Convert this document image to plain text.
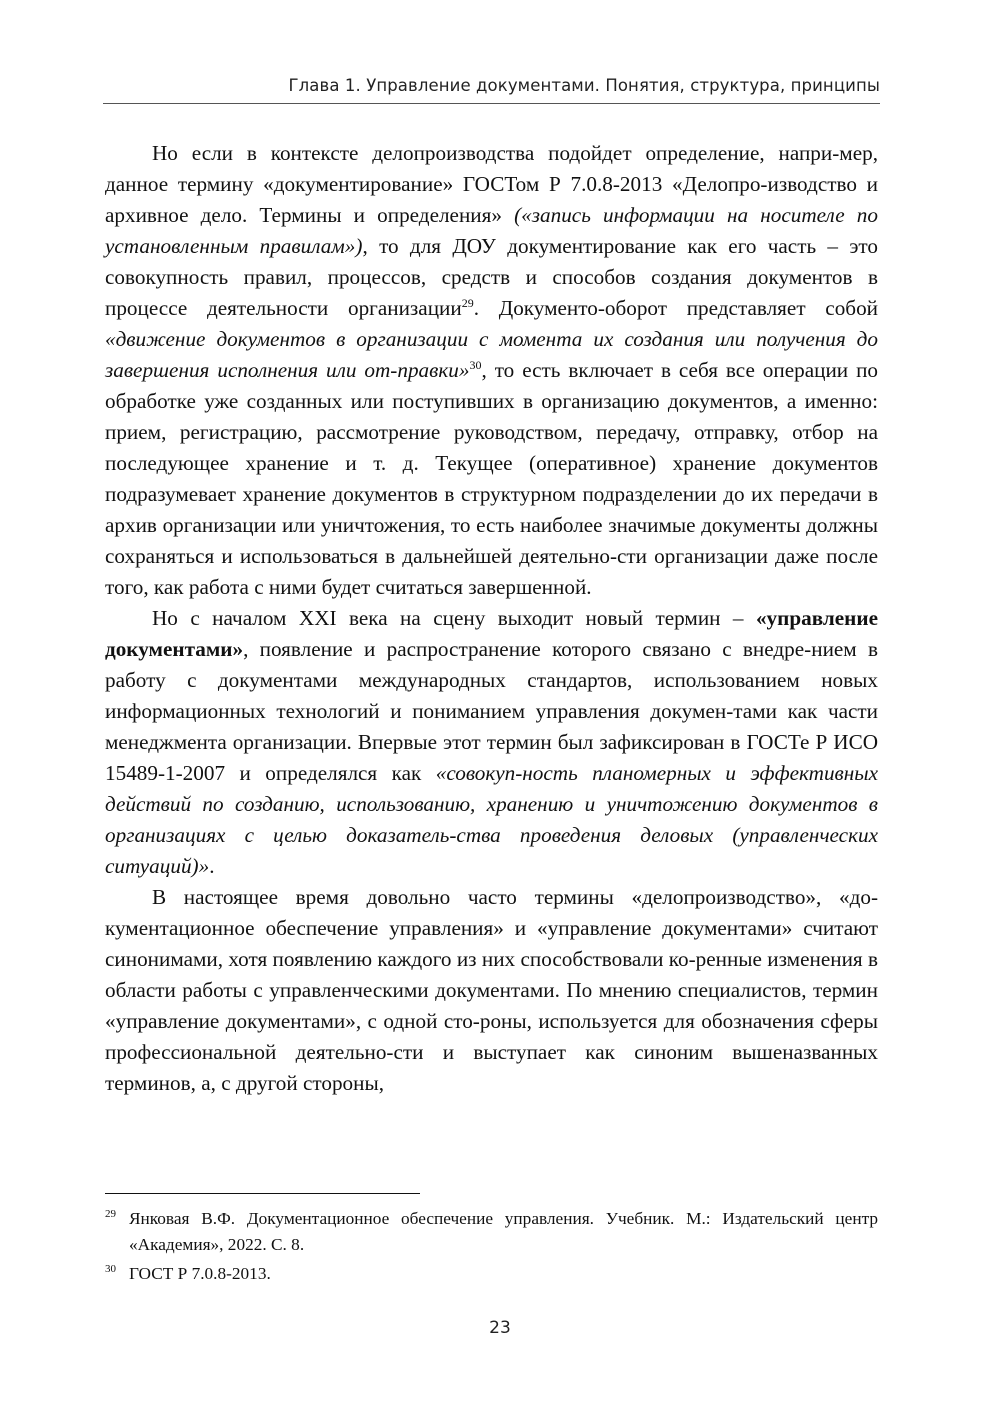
Глава 1. Управление документами. Понятия, структура, принципы

Но если в контексте делопроизводства подойдет определение, напри-мер, данное термину «документирование» ГОСТом Р 7.0.8-2013 «Делопро-изводство и архивное дело. Термины и определения» («запись информации на носителе по установленным правилам»), то для ДОУ документирование как его часть – это совокупность правил, процессов, средств и способов создания документов в процессе деятельности организации$^{29}$. Документо-оборот представляет собой «движение документов в организации с момента их создания или получения до завершения исполнения или от-правки»$^{30}$, то есть включает в себя все операции по обработке уже созданных или поступивших в организацию документов, а именно: прием, регистрацию, рассмотрение руководством, передачу, отправку, отбор на последующее хранение и т. д. Текущее (оперативное) хранение документов подразумевает хранение документов в структурном подразделении до их передачи в архив организации или уничтожения, то есть наиболее значимые документы должны сохраняться и использоваться в дальнейшей деятельно-сти организации даже после того, как работа с ними будет считаться завершенной.

Но с началом XXI века на сцену выходит новый термин – «управление документами», появление и распространение которого связано с внедре-нием в работу с документами международных стандартов, использованием новых информационных технологий и пониманием управления докумен-тами как части менеджмента организации. Впервые этот термин был зафиксирован в ГОСТе Р ИСО 15489-1-2007 и определялся как «совокуп-ность планомерных и эффективных действий по созданию, использованию, хранению и уничтожению документов в организациях с целью доказатель-ства проведения деловых (управленческих ситуаций)».

В настоящее время довольно часто термины «делопроизводство», «до-кументационное обеспечение управления» и «управление документами» считают синонимами, хотя появлению каждого из них способствовали ко-ренные изменения в области работы с управленческими документами. По мнению специалистов, термин «управление документами», с одной сто-роны, используется для обозначения сферы профессиональной деятельно-сти и выступает как синоним вышеназванных терминов, а, с другой стороны,

29 Янковая В.Ф. Документационное обеспечение управления. Учебник. М.: Издательский центр «Академия», 2022. С. 8.
30 ГОСТ Р 7.0.8-2013.
23
